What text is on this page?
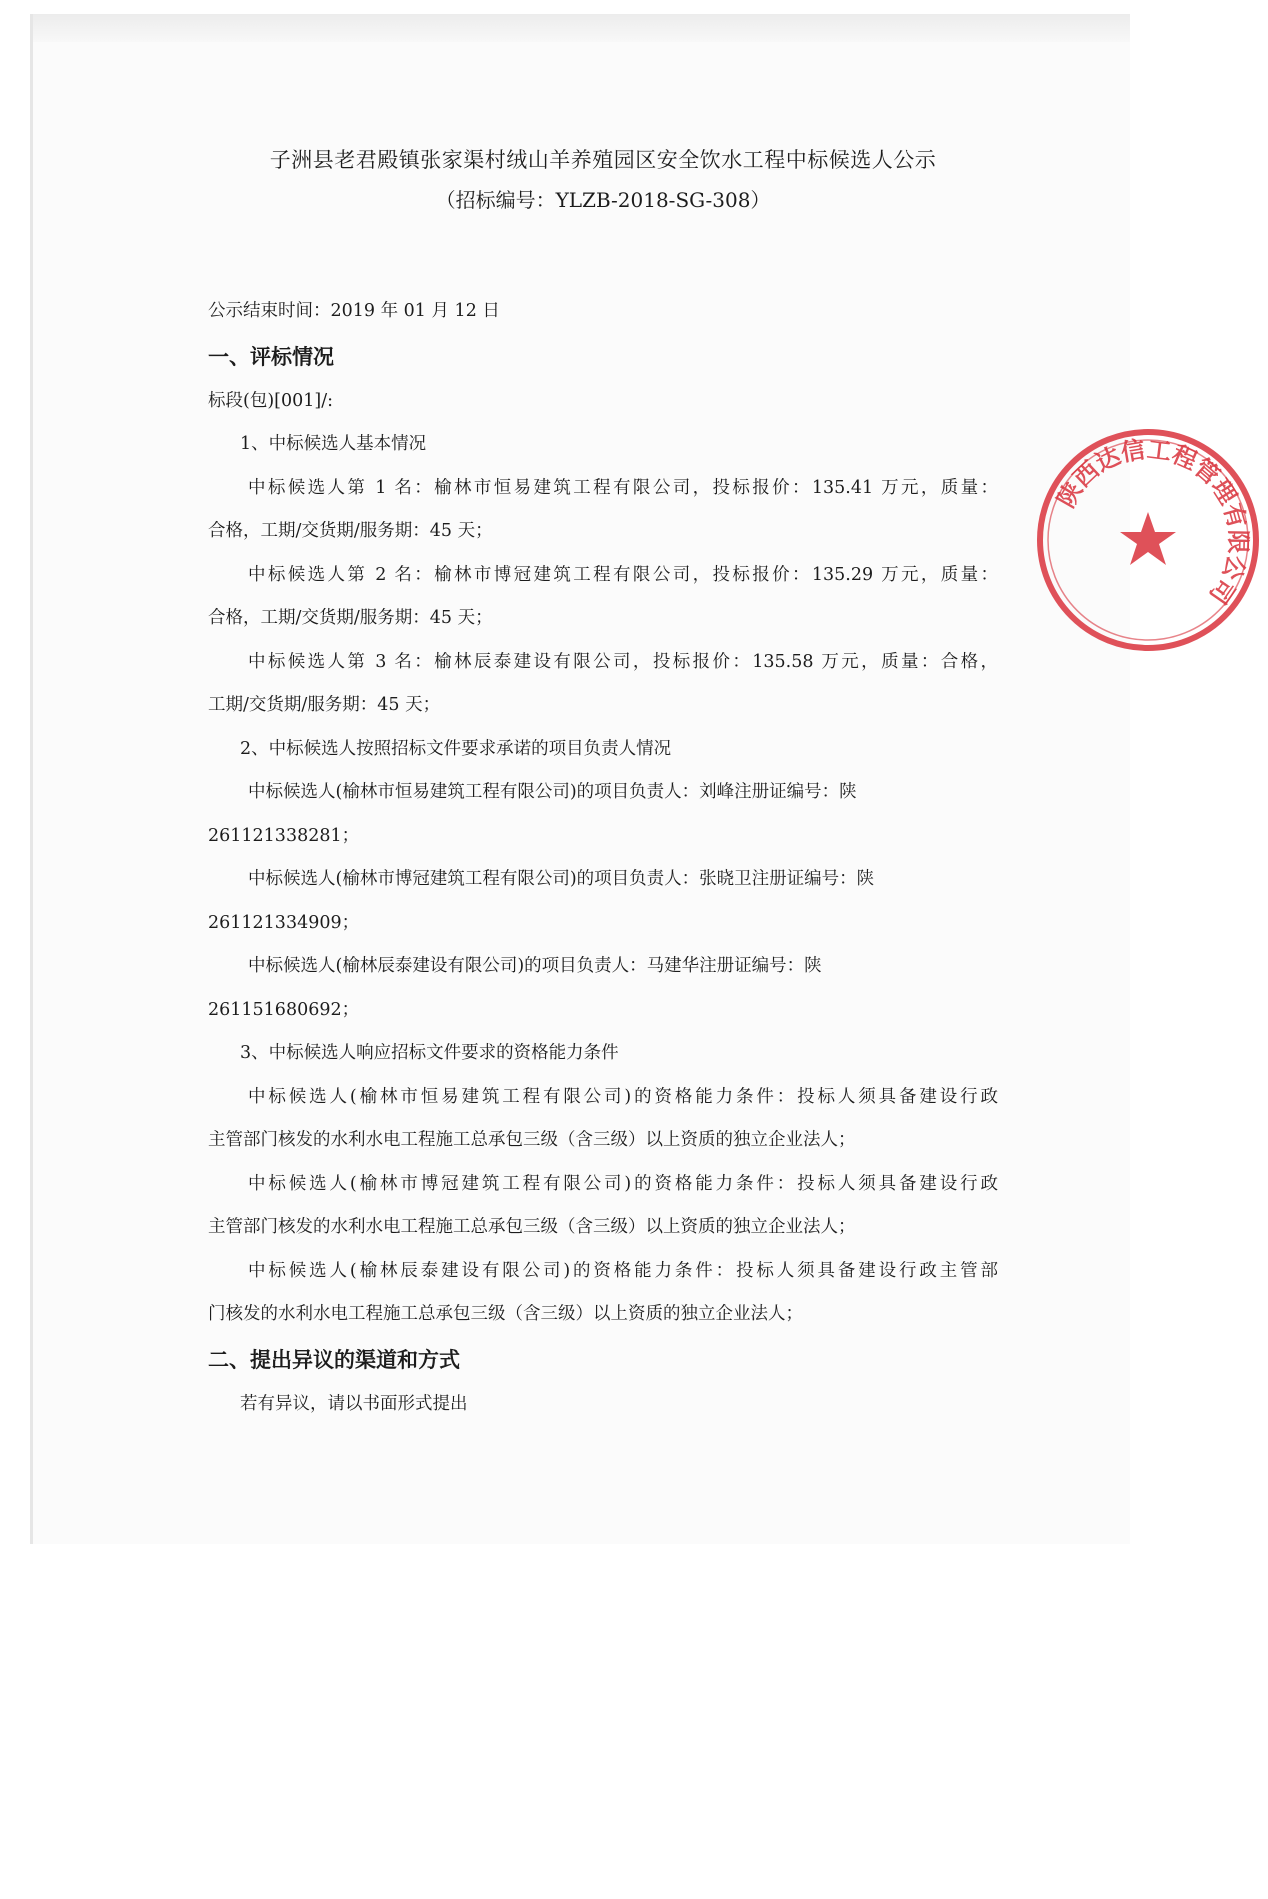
子洲县老君殿镇张家渠村绒山羊养殖园区安全饮水工程中标候选人公示

（招标编号：YLZB-2018-SG-308）

公示结束时间：2019 年 01 月 12 日

一、评标情况

标段(包)[001]/:

1、中标候选人基本情况

中标候选人第 1 名：榆林市恒易建筑工程有限公司，投标报价：135.41 万元，质量：

合格，工期/交货期/服务期：45 天；

中标候选人第 2 名：榆林市博冠建筑工程有限公司，投标报价：135.29 万元，质量：

合格，工期/交货期/服务期：45 天；

中标候选人第 3 名：榆林辰泰建设有限公司，投标报价：135.58 万元，质量：合格，

工期/交货期/服务期：45 天；

2、中标候选人按照招标文件要求承诺的项目负责人情况

中标候选人(榆林市恒易建筑工程有限公司)的项目负责人：刘峰注册证编号：陕

261121338281；

中标候选人(榆林市博冠建筑工程有限公司)的项目负责人：张晓卫注册证编号：陕

261121334909；

中标候选人(榆林辰泰建设有限公司)的项目负责人：马建华注册证编号：陕

261151680692；

3、中标候选人响应招标文件要求的资格能力条件

中标候选人(榆林市恒易建筑工程有限公司)的资格能力条件：投标人须具备建设行政

主管部门核发的水利水电工程施工总承包三级（含三级）以上资质的独立企业法人；

中标候选人(榆林市博冠建筑工程有限公司)的资格能力条件：投标人须具备建设行政

主管部门核发的水利水电工程施工总承包三级（含三级）以上资质的独立企业法人；

中标候选人(榆林辰泰建设有限公司)的资格能力条件：投标人须具备建设行政主管部

门核发的水利水电工程施工总承包三级（含三级）以上资质的独立企业法人；

二、提出异议的渠道和方式

若有异议，请以书面形式提出

陕西达信工程管理有限公司
